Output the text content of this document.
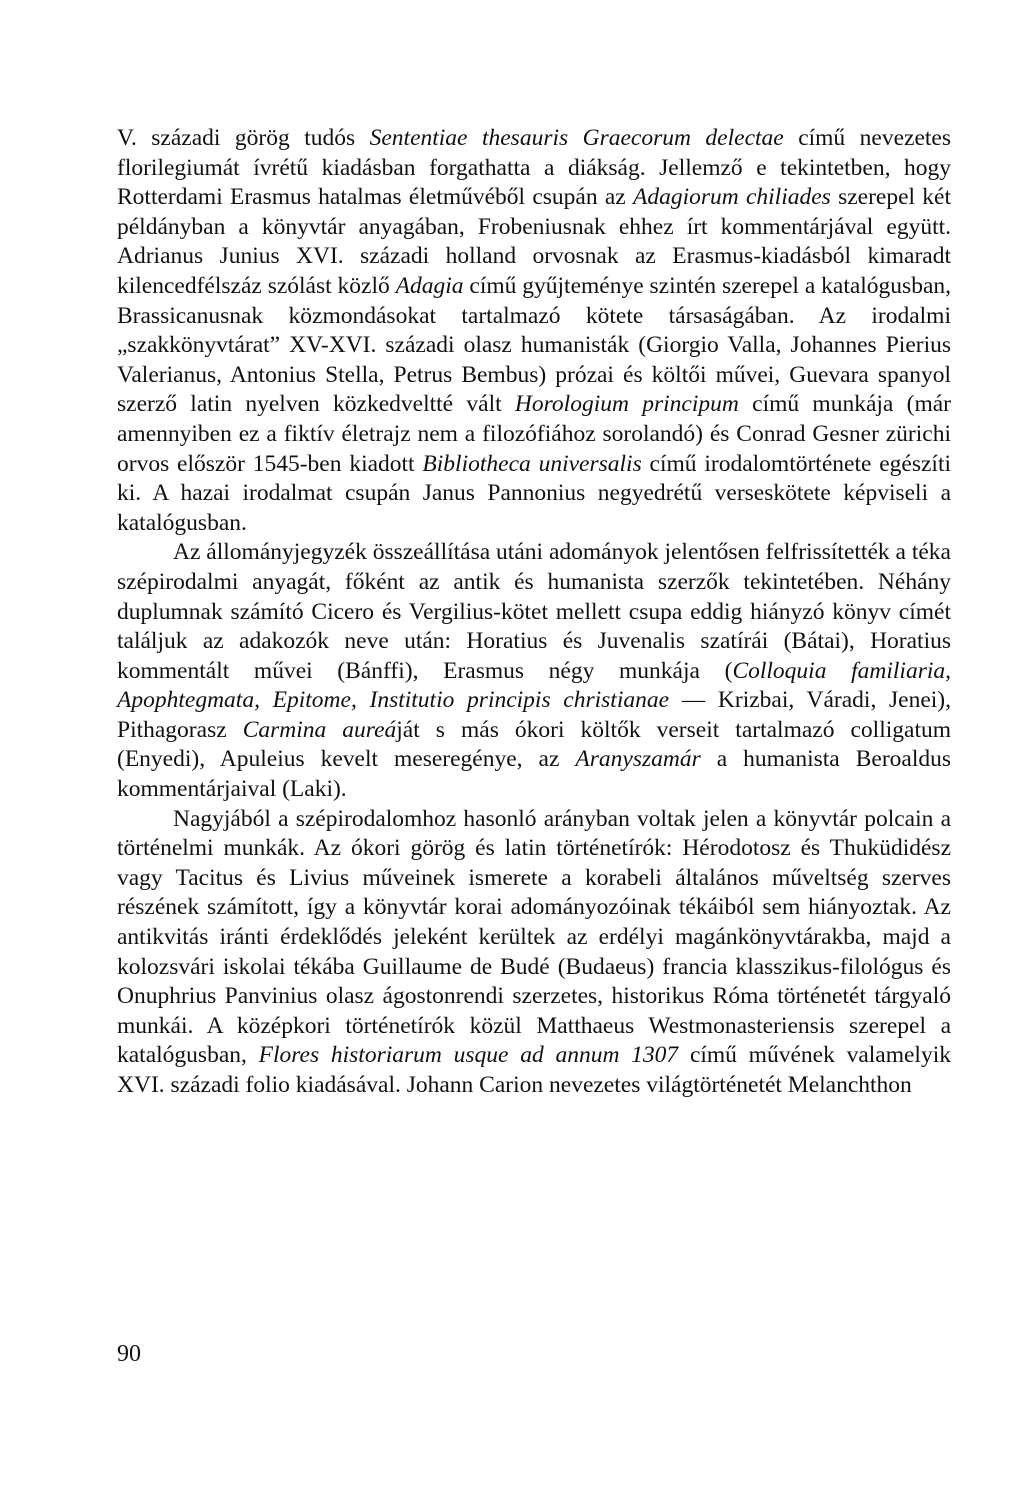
V. századi görög tudós Sententiae thesauris Graecorum delectae című nevezetes florilegiumát ívrétű kiadásban forgathatta a diákság. Jellemző e tekintetben, hogy Rotterdami Erasmus hatalmas életművéből csupán az Adagiorum chiliades szerepel két példányban a könyvtár anyagában, Frobeniusnak ehhez írt kommentárjával együtt. Adrianus Junius XVI. századi holland orvosnak az Erasmus-kiadásból kimaradt kilencedfélszáz szólást közlő Adagia című gyűjteménye szintén szerepel a katalógusban, Brassicanusnak közmondásokat tartalmazó kötete társaságában. Az irodalmi „szakkönyvtárat” XV-XVI. századi olasz humanisták (Giorgio Valla, Johannes Pierius Valerianus, Antonius Stella, Petrus Bembus) prózai és költői művei, Guevara spanyol szerző latin nyelven közkedveltté vált Horologium principum című munkája (már amennyiben ez a fiktív életrajz nem a filozófiához sorolandó) és Conrad Gesner zürichi orvos először 1545-ben kiadott Bibliotheca universalis című irodalomtörténete egészíti ki. A hazai irodalmat csupán Janus Pannonius negyedrétű verseskötete képviseli a katalógusban.

Az állományjegyzék összeállítása utáni adományok jelentősen felfrissítették a téka szépirodalmi anyagát, főként az antik és humanista szerzők tekintetében. Néhány duplumnak számító Cicero és Vergilius-kötet mellett csupa eddig hiányzó könyv címét találjuk az adakozók neve után: Horatius és Juvenalis szatírái (Bátai), Horatius kommentált művei (Bánffi), Erasmus négy munkája (Colloquia familiaria, Apophtegmata, Epitome, Institutio principis christianae — Krizbai, Váradi, Jenei), Pithagorasz Carmina aureáját s más ókori költők verseit tartalmazó colligatum (Enyedi), Apuleius kevelt meseregénye, az Aranyszamár a humanista Beroaldus kommentárjaival (Laki).

Nagyjából a szépirodalomhoz hasonló arányban voltak jelen a könyvtár polcain a történelmi munkák. Az ókori görög és latin történetírók: Hérodotosz és Thuküdidész vagy Tacitus és Livius műveinek ismerete a korabeli általános műveltség szerves részének számított, így a könyvtár korai adományozóinak tékáiból sem hiányoztak. Az antikvitás iránti érdeklődés jeleként kerültek az erdélyi magánkönyvtárakba, majd a kolozsvári iskolai tékába Guillaume de Budé (Budaeus) francia klasszikus-filológus és Onuphrius Panvinius olasz ágostonrendi szerzetes, historikus Róma történetét tárgyaló munkái. A középkori történetírók közül Matthaeus Westmonasteriensis szerepel a katalógusban, Flores historiarum usque ad annum 1307 című művének valamelyik XVI. századi folio kiadásával. Johann Carion nevezetes világtörténetét Melanchthon

90
